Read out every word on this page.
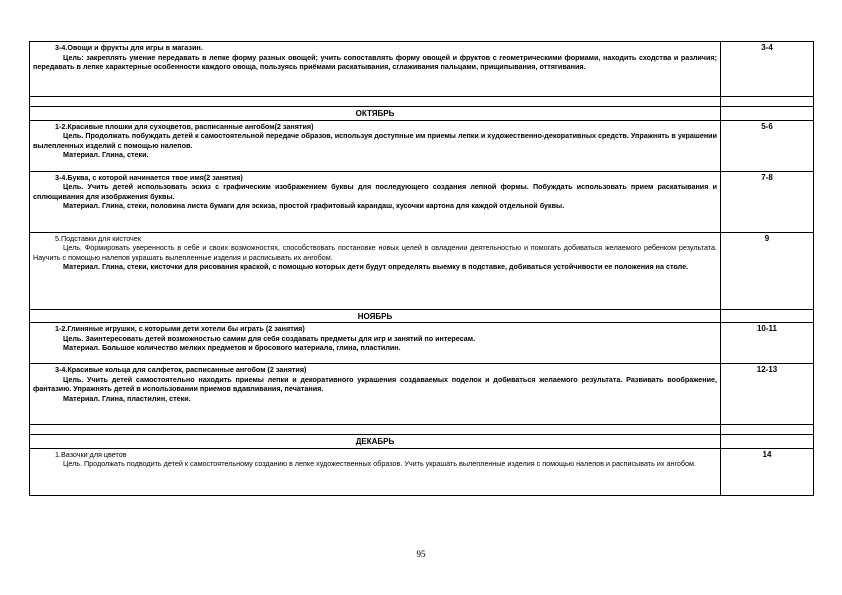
3-4.Овощи и фрукты для игры в магазин.
Цель: закреплять умение передавать в лепке форму разных овощей; учить сопоставлять форму овощей и фруктов с геометрическими формами, находить сходства и различия; передавать в лепке характерные особенности каждого овоща, пользуясь приёмами раскатывания, сглаживания пальцами, прищипывания, оттягивания.	3-4

ОКТЯБРЬ	

1-2.Красивые плошки для сухоцветов, расписанные ангобом(2 занятия)
Цель. Продолжать побуждать детей к самостоятельной передаче образов, используя доступные им приемы лепки и художественно-декоративных средств. Упражнять в украшении вылепленных изделий с помощью налепов.
Материал. Глина, стеки.	5-6

3-4.Буква, с которой начинается твое имя(2 занятия)
Цель. Учить детей использовать эскиз с графическим изображением буквы для последующего создания лепной формы. Побуждать использовать прием раскатывания и сплющивания для изображения буквы.
Материал. Глина, стеки, половина листа бумаги для эскиза, простой графитовый карандаш, кусочки картона для каждой отдельной буквы.	7-8

5.Подставки для кисточек
Цель. Формировать уверенность в себе и своих возможностях, способствовать постановке новых целей в овладении деятельностью и помогать добиваться желаемого ребенком результата. Научить с помощью налепов украшать вылепленные изделия и расписывать их ангобом.
Материал. Глина, стеки, кисточки для рисования краской, с помощью которых дети будут определять выемку в подставке, добиваться устойчивости ее положения на столе.	9
НОЯБРЬ	

1-2.Глиняные игрушки, с которыми дети хотели бы играть (2 занятия)
Цель. Заинтересовать детей возможностью самим для себя создавать предметы для игр и занятий по интересам.
Материал. Большое количество мелких предметов и бросового материала, глина, пластилин.	10-11

3-4.Красивые кольца для салфеток, расписанные ангобом (2 занятия)
Цель. Учить детей самостоятельно находить приемы лепки и декоративного украшения создаваемых поделок и добиваться желаемого результата. Развивать воображение, фантазию. Упражнять детей в использовании приемов вдавливания, печатания.
Материал. Глина, пластилин, стеки.	12-13

ДЕКАБРЬ	

1.Вазочки для цветов
Цель. Продолжать подводить детей к самостоятельному созданию в лепке художественных образов. Учить украшать вылепленные изделия с помощью налепов и расписывать их ангобом.	14
95
